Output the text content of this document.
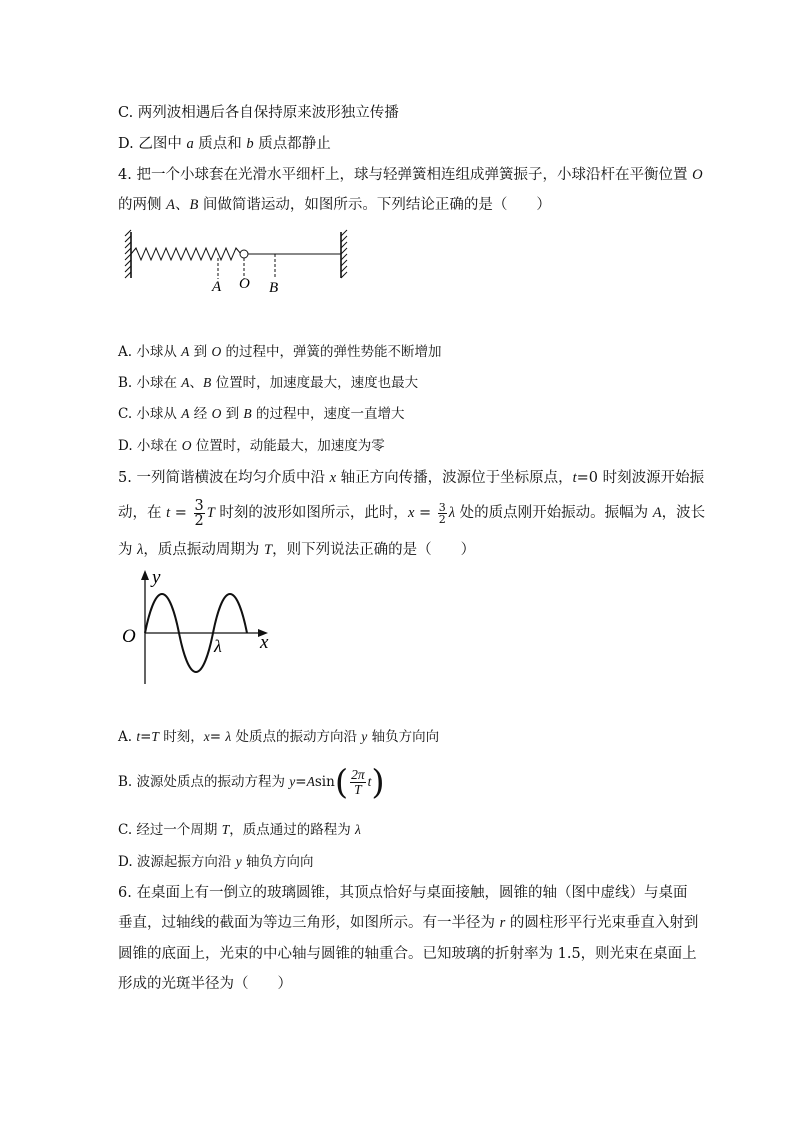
C. 两列波相遇后各自保持原来波形独立传播
D. 乙图中 a 质点和 b 质点都静止
4. 把一个小球套在光滑水平细杆上，球与轻弹簧相连组成弹簧振子，小球沿杆在平衡位置 O
的两侧 A、B 间做简谐运动，如图所示。下列结论正确的是（　　）
A O B
A. 小球从 A 到 O 的过程中，弹簧的弹性势能不断增加
B. 小球在 A、B 位置时，加速度最大，速度也最大
C. 小球从 A 经 O 到 B 的过程中，速度一直增大
D. 小球在 O 位置时，动能最大，加速度为零
5. 一列简谐横波在均匀介质中沿 x 轴正方向传播，波源位于坐标原点，t=0 时刻波源开始振
动，在 $t = \frac{3}{2}$ T 时刻的波形如图所示，此时，$x = \frac{3}{2}$ λ 处的质点刚开始振动。振幅为 A，波长
为 λ，质点振动周期为 T，则下列说法正确的是（　　）
y
O	x
λ
A. t=T 时刻，x= λ 处质点的振动方向沿 y 轴负方向向
B. 波源处质点的振动方程为 $y=Asin( \frac{2\pi}{T} t)$
C. 经过一个周期 T，质点通过的路程为 λ
D. 波源起振方向沿 y 轴负方向向
6. 在桌面上有一倒立的玻璃圆锥，其顶点恰好与桌面接触，圆锥的轴（图中虚线）与桌面
垂直，过轴线的截面为等边三角形，如图所示。有一半径为 r 的圆柱形平行光束垂直入射到
圆锥的底面上，光束的中心轴与圆锥的轴重合。已知玻璃的折射率为 1.5，则光束在桌面上
形成的光斑半径为（　　）
